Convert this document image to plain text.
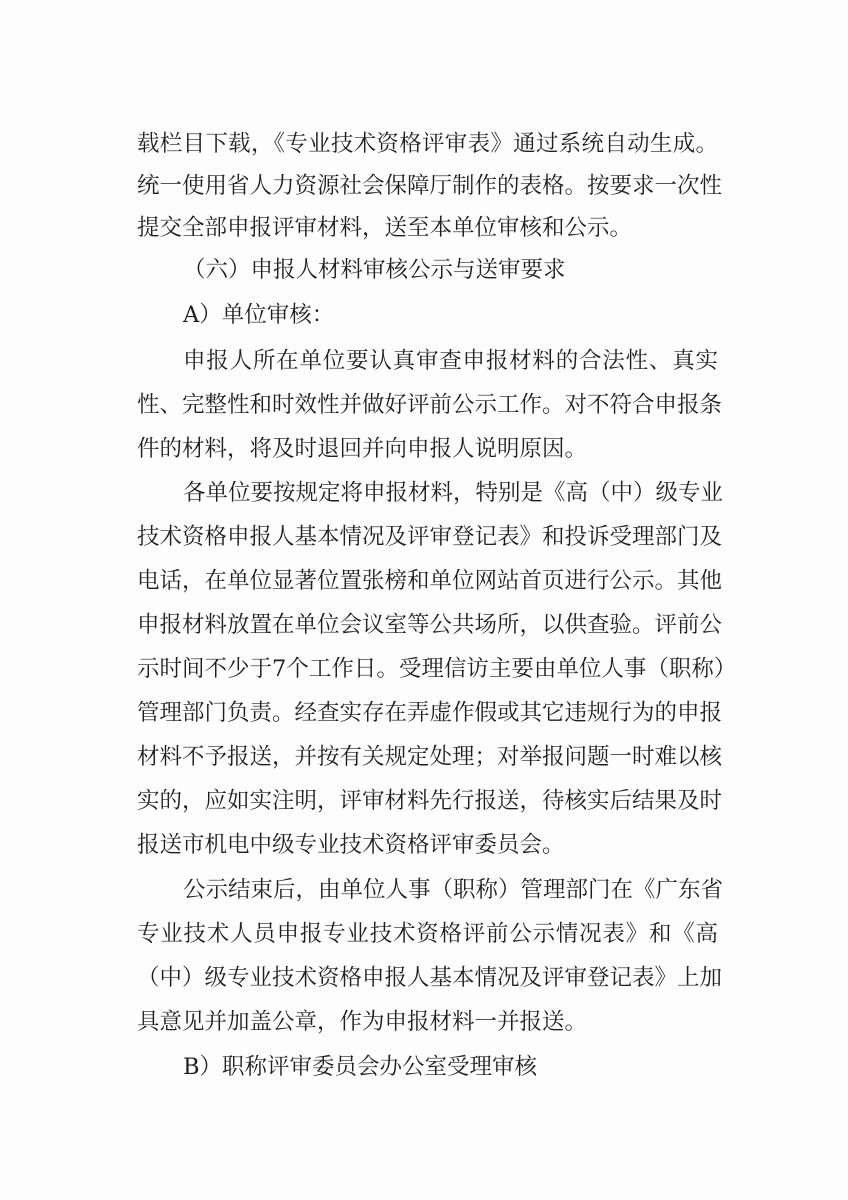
载栏目下载，《专业技术资格评审表》通过系统自动生成。
统一使用省人力资源社会保障厅制作的表格。按要求一次性
提交全部申报评审材料，送至本单位审核和公示。
（六）申报人材料审核公示与送审要求
A）单位审核：
申报人所在单位要认真审查申报材料的合法性、真实
性、完整性和时效性并做好评前公示工作。对不符合申报条
件的材料，将及时退回并向申报人说明原因。
各单位要按规定将申报材料，特别是《高（中）级专业
技术资格申报人基本情况及评审登记表》和投诉受理部门及
电话，在单位显著位置张榜和单位网站首页进行公示。其他
申报材料放置在单位会议室等公共场所，以供查验。评前公
示时间不少于7个工作日。受理信访主要由单位人事（职称）
管理部门负责。经查实存在弄虚作假或其它违规行为的申报
材料不予报送，并按有关规定处理；对举报问题一时难以核
实的，应如实注明，评审材料先行报送，待核实后结果及时
报送市机电中级专业技术资格评审委员会。
公示结束后，由单位人事（职称）管理部门在《广东省
专业技术人员申报专业技术资格评前公示情况表》和《高
（中）级专业技术资格申报人基本情况及评审登记表》上加
具意见并加盖公章，作为申报材料一并报送。
B）职称评审委员会办公室受理审核
